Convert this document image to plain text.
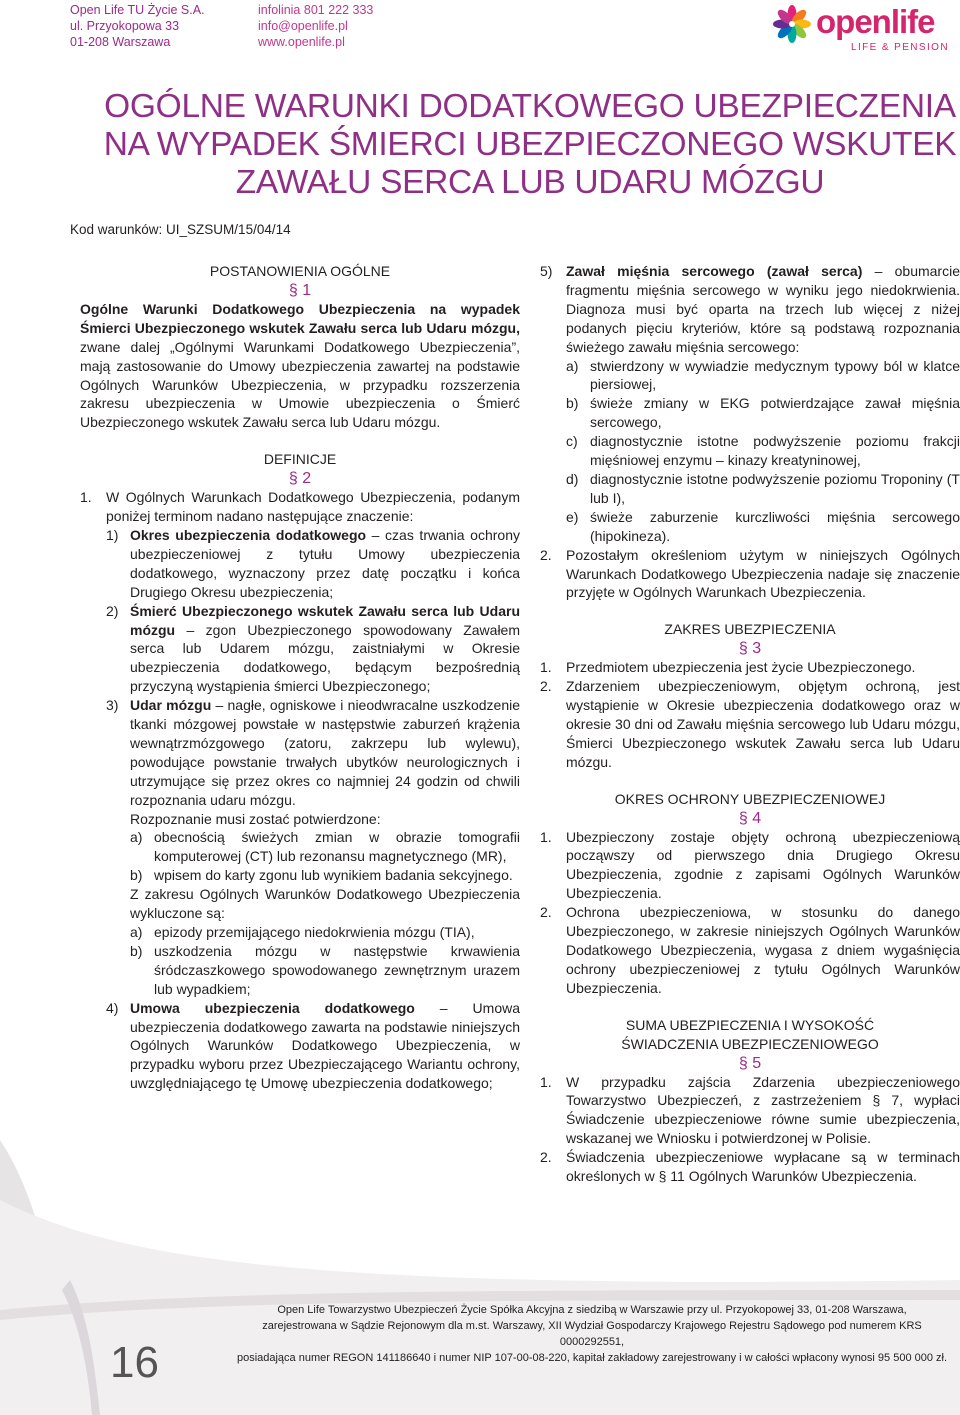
Open Life TU Życie S.A.
ul. Przyokopowa 33
01-208 Warszawa
infolinia 801 222 333
info@openlife.pl
www.openlife.pl
openlife
LIFE & PENSION
OGÓLNE WARUNKI DODATKOWEGO UBEZPIECZENIA
NA WYPADEK ŚMIERCI UBEZPIECZONEGO WSKUTEK
ZAWAŁU SERCA LUB UDARU MÓZGU
Kod warunków: UI_SZSUM/15/04/14
POSTANOWIENIA OGÓLNE
§ 1
Ogólne Warunki Dodatkowego Ubezpieczenia na wypadek Śmierci Ubezpieczonego wskutek Zawału serca lub Udaru mózgu, zwane dalej „Ogólnymi Warunkami Dodatkowego Ubezpieczenia”, mają zastosowanie do Umowy ubezpieczenia zawartej na podstawie Ogólnych Warunków Ubezpieczenia, w przypadku rozszerzenia zakresu ubezpieczenia w Umowie ubezpieczenia o Śmierć Ubezpieczonego wskutek Zawału serca lub Udaru mózgu.
DEFINICJE
§ 2
1.	W Ogólnych Warunkach Dodatkowego Ubezpieczenia, podanym poniżej terminom nadano następujące znaczenie:
1) Okres ubezpieczenia dodatkowego – czas trwania ochrony ubezpieczeniowej z tytułu Umowy ubezpieczenia dodatkowego, wyznaczony przez datę początku i końca Drugiego Okresu ubezpieczenia;
2) Śmierć Ubezpieczonego wskutek Zawału serca lub Udaru mózgu – zgon Ubezpieczonego spowodowany Zawałem serca lub Udarem mózgu, zaistniałymi w Okresie ubezpieczenia dodatkowego, będącym bezpośrednią przyczyną wystąpienia śmierci Ubezpieczonego;
3) Udar mózgu – nagłe, ogniskowe i nieodwracalne uszkodzenie tkanki mózgowej powstałe w następstwie zaburzeń krążenia wewnątrzmózgowego (zatoru, zakrzepu lub wylewu), powodujące powstanie trwałych ubytków neurologicznych i utrzymujące się przez okres co najmniej 24 godzin od chwili rozpoznania udaru mózgu.
Rozpoznanie musi zostać potwierdzone:
a) obecnością świeżych zmian w obrazie tomografii komputerowej (CT) lub rezonansu magnetycznego (MR),
b) wpisem do karty zgonu lub wynikiem badania sekcyjnego.
Z zakresu Ogólnych Warunków Dodatkowego Ubezpieczenia wykluczone są:
a) epizody przemijającego niedokrwienia mózgu (TIA),
b) uszkodzenia mózgu w następstwie krwawienia śródczaszkowego spowodowanego zewnętrznym urazem lub wypadkiem;
4) Umowa ubezpieczenia dodatkowego – Umowa ubezpieczenia dodatkowego zawarta na podstawie niniejszych Ogólnych Warunków Dodatkowego Ubezpieczenia, w przypadku wyboru przez Ubezpieczającego Wariantu ochrony, uwzględniającego tę Umowę ubezpieczenia dodatkowego;
5) Zawał mięśnia sercowego (zawał serca) – obumarcie fragmentu mięśnia sercowego w wyniku jego niedokrwienia. Diagnoza musi być oparta na trzech lub więcej z niżej podanych pięciu kryteriów, które są podstawą rozpoznania świeżego zawału mięśnia sercowego:
a) stwierdzony w wywiadzie medycznym typowy ból w klatce piersiowej,
b) świeże zmiany w EKG potwierdzające zawał mięśnia sercowego,
c) diagnostycznie istotne podwyższenie poziomu frakcji mięśniowej enzymu – kinazy kreatyninowej,
d) diagnostycznie istotne podwyższenie poziomu Troponiny (T lub I),
e) świeże zaburzenie kurczliwości mięśnia sercowego (hipokineza).
2.	Pozostałym określeniom użytym w niniejszych Ogólnych Warunkach Dodatkowego Ubezpieczenia nadaje się znaczenie przyjęte w Ogólnych Warunkach Ubezpieczenia.
ZAKRES UBEZPIECZENIA
§ 3
1.	Przedmiotem ubezpieczenia jest życie Ubezpieczonego.
2.	Zdarzeniem ubezpieczeniowym, objętym ochroną, jest wystąpienie w Okresie ubezpieczenia dodatkowego oraz w okresie 30 dni od Zawału mięśnia sercowego lub Udaru mózgu, Śmierci Ubezpieczonego wskutek Zawału serca lub Udaru mózgu.
OKRES OCHRONY UBEZPIECZENIOWEJ
§ 4
1.	Ubezpieczony zostaje objęty ochroną ubezpieczeniową począwszy od pierwszego dnia Drugiego Okresu Ubezpieczenia, zgodnie z zapisami Ogólnych Warunków Ubezpieczenia.
2.	Ochrona ubezpieczeniowa, w stosunku do danego Ubezpieczonego, w zakresie niniejszych Ogólnych Warunków Dodatkowego Ubezpieczenia, wygasa z dniem wygaśnięcia ochrony ubezpieczeniowej z tytułu Ogólnych Warunków Ubezpieczenia.
SUMA UBEZPIECZENIA I WYSOKOŚĆ
ŚWIADCZENIA UBEZPIECZENIOWEGO
§ 5
1.	W przypadku zajścia Zdarzenia ubezpieczeniowego Towarzystwo Ubezpieczeń, z zastrzeżeniem § 7, wypłaci Świadczenie ubezpieczeniowe równe sumie ubezpieczenia, wskazanej we Wniosku i potwierdzonej w Polisie.
2.	Świadczenia ubezpieczeniowe wypłacane są w terminach określonych w § 11 Ogólnych Warunków Ubezpieczenia.
16
Open Life Towarzystwo Ubezpieczeń Życie Spółka Akcyjna z siedzibą w Warszawie przy ul. Przyokopowej 33, 01-208 Warszawa,
zarejestrowana w Sądzie Rejonowym dla m.st. Warszawy, XII Wydział Gospodarczy Krajowego Rejestru Sądowego pod numerem KRS 0000292551,
posiadająca numer REGON 141186640 i numer NIP 107-00-08-220, kapitał zakładowy zarejestrowany i w całości wpłacony wynosi 95 500 000 zł.
